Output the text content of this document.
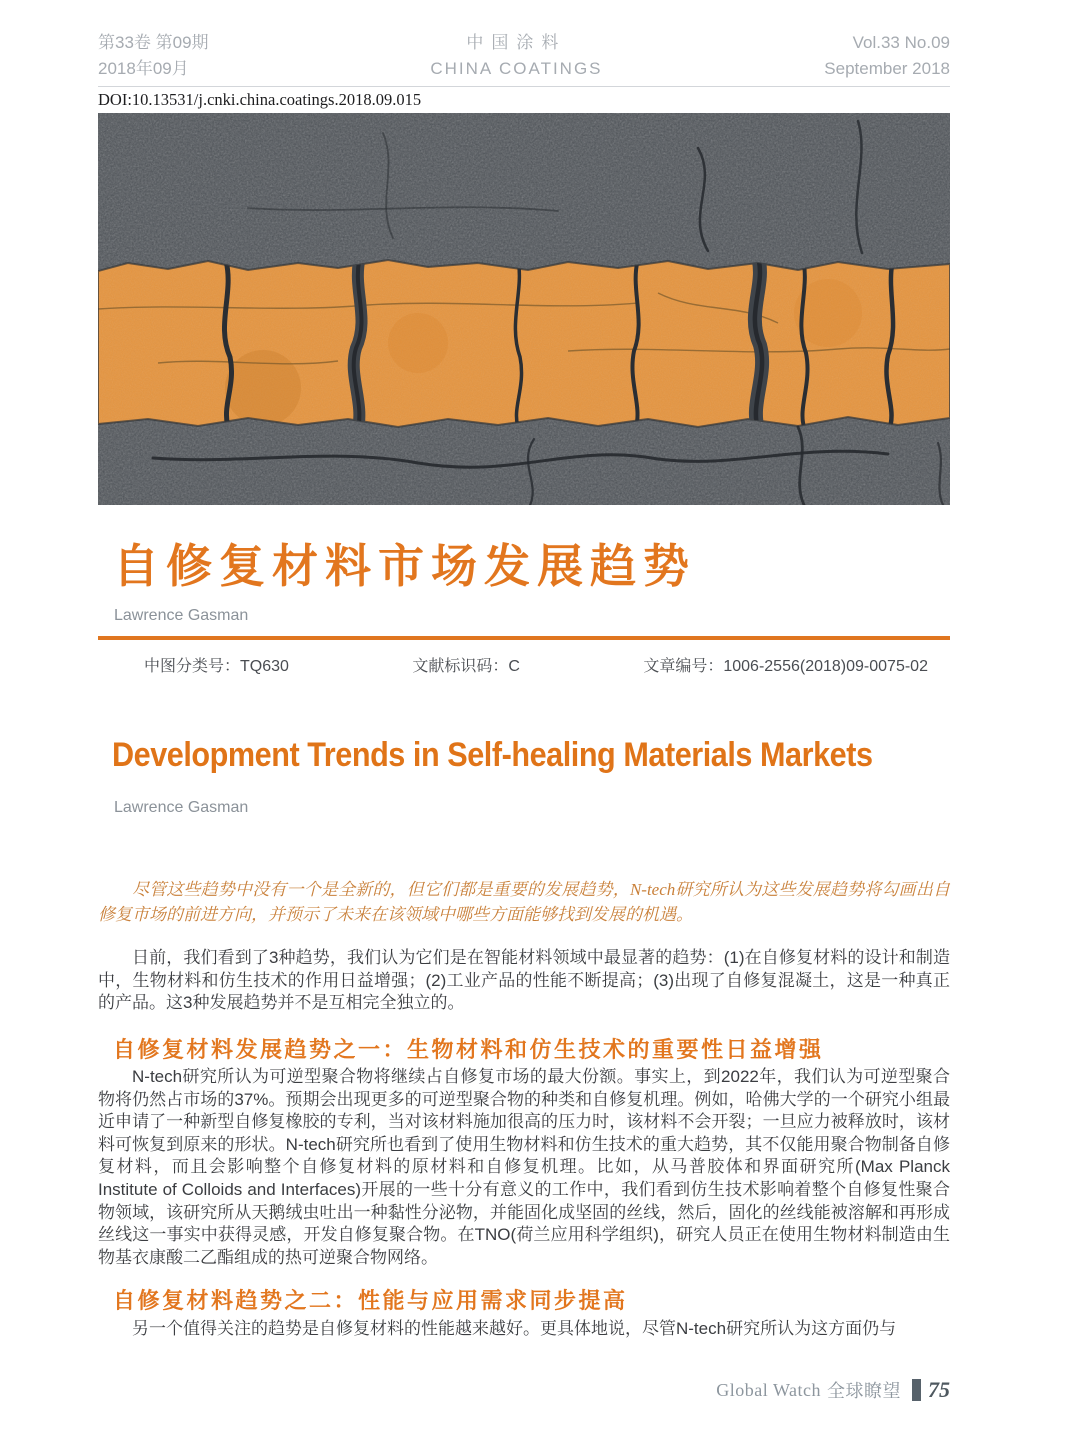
第33卷 第09期
2018年09月
中国涂料
CHINA COATINGS
Vol.33 No.09
September 2018
DOI:10.13531/j.cnki.china.coatings.2018.09.015
自修复材料市场发展趋势
Lawrence Gasman
中图分类号：TQ630	文献标识码：C	文章编号：1006-2556(2018)09-0075-02
Development Trends in Self-healing Materials Markets
Lawrence Gasman

尽管这些趋势中没有一个是全新的，但它们都是重要的发展趋势，N-tech研究所认为这些发展趋势将勾画出自修复市场的前进方向，并预示了未来在该领域中哪些方面能够找到发展的机遇。

日前，我们看到了3种趋势，我们认为它们是在智能材料领域中最显著的趋势：(1)在自修复材料的设计和制造中，生物材料和仿生技术的作用日益增强；(2)工业产品的性能不断提高；(3)出现了自修复混凝土，这是一种真正的产品。这3种发展趋势并不是互相完全独立的。

自修复材料发展趋势之一：生物材料和仿生技术的重要性日益增强

N-tech研究所认为可逆型聚合物将继续占自修复市场的最大份额。事实上，到2022年，我们认为可逆型聚合物将仍然占市场的37%。预期会出现更多的可逆型聚合物的种类和自修复机理。例如，哈佛大学的一个研究小组最近申请了一种新型自修复橡胶的专利，当对该材料施加很高的压力时，该材料不会开裂；一旦应力被释放时，该材料可恢复到原来的形状。N-tech研究所也看到了使用生物材料和仿生技术的重大趋势，其不仅能用聚合物制备自修复材料，而且会影响整个自修复材料的原材料和自修复机理。比如，从马普胶体和界面研究所(Max Planck Institute of Colloids and Interfaces)开展的一些十分有意义的工作中，我们看到仿生技术影响着整个自修复性聚合物领域，该研究所从天鹅绒虫吐出一种黏性分泌物，并能固化成坚固的丝线，然后，固化的丝线能被溶解和再形成丝线这一事实中获得灵感，开发自修复聚合物。在TNO(荷兰应用科学组织)，研究人员正在使用生物材料制造由生物基衣康酸二乙酯组成的热可逆聚合物网络。

自修复材料趋势之二：性能与应用需求同步提高

另一个值得关注的趋势是自修复材料的性能越来越好。更具体地说，尽管N-tech研究所认为这方面仍与

Global Watch 全球瞭望 75
